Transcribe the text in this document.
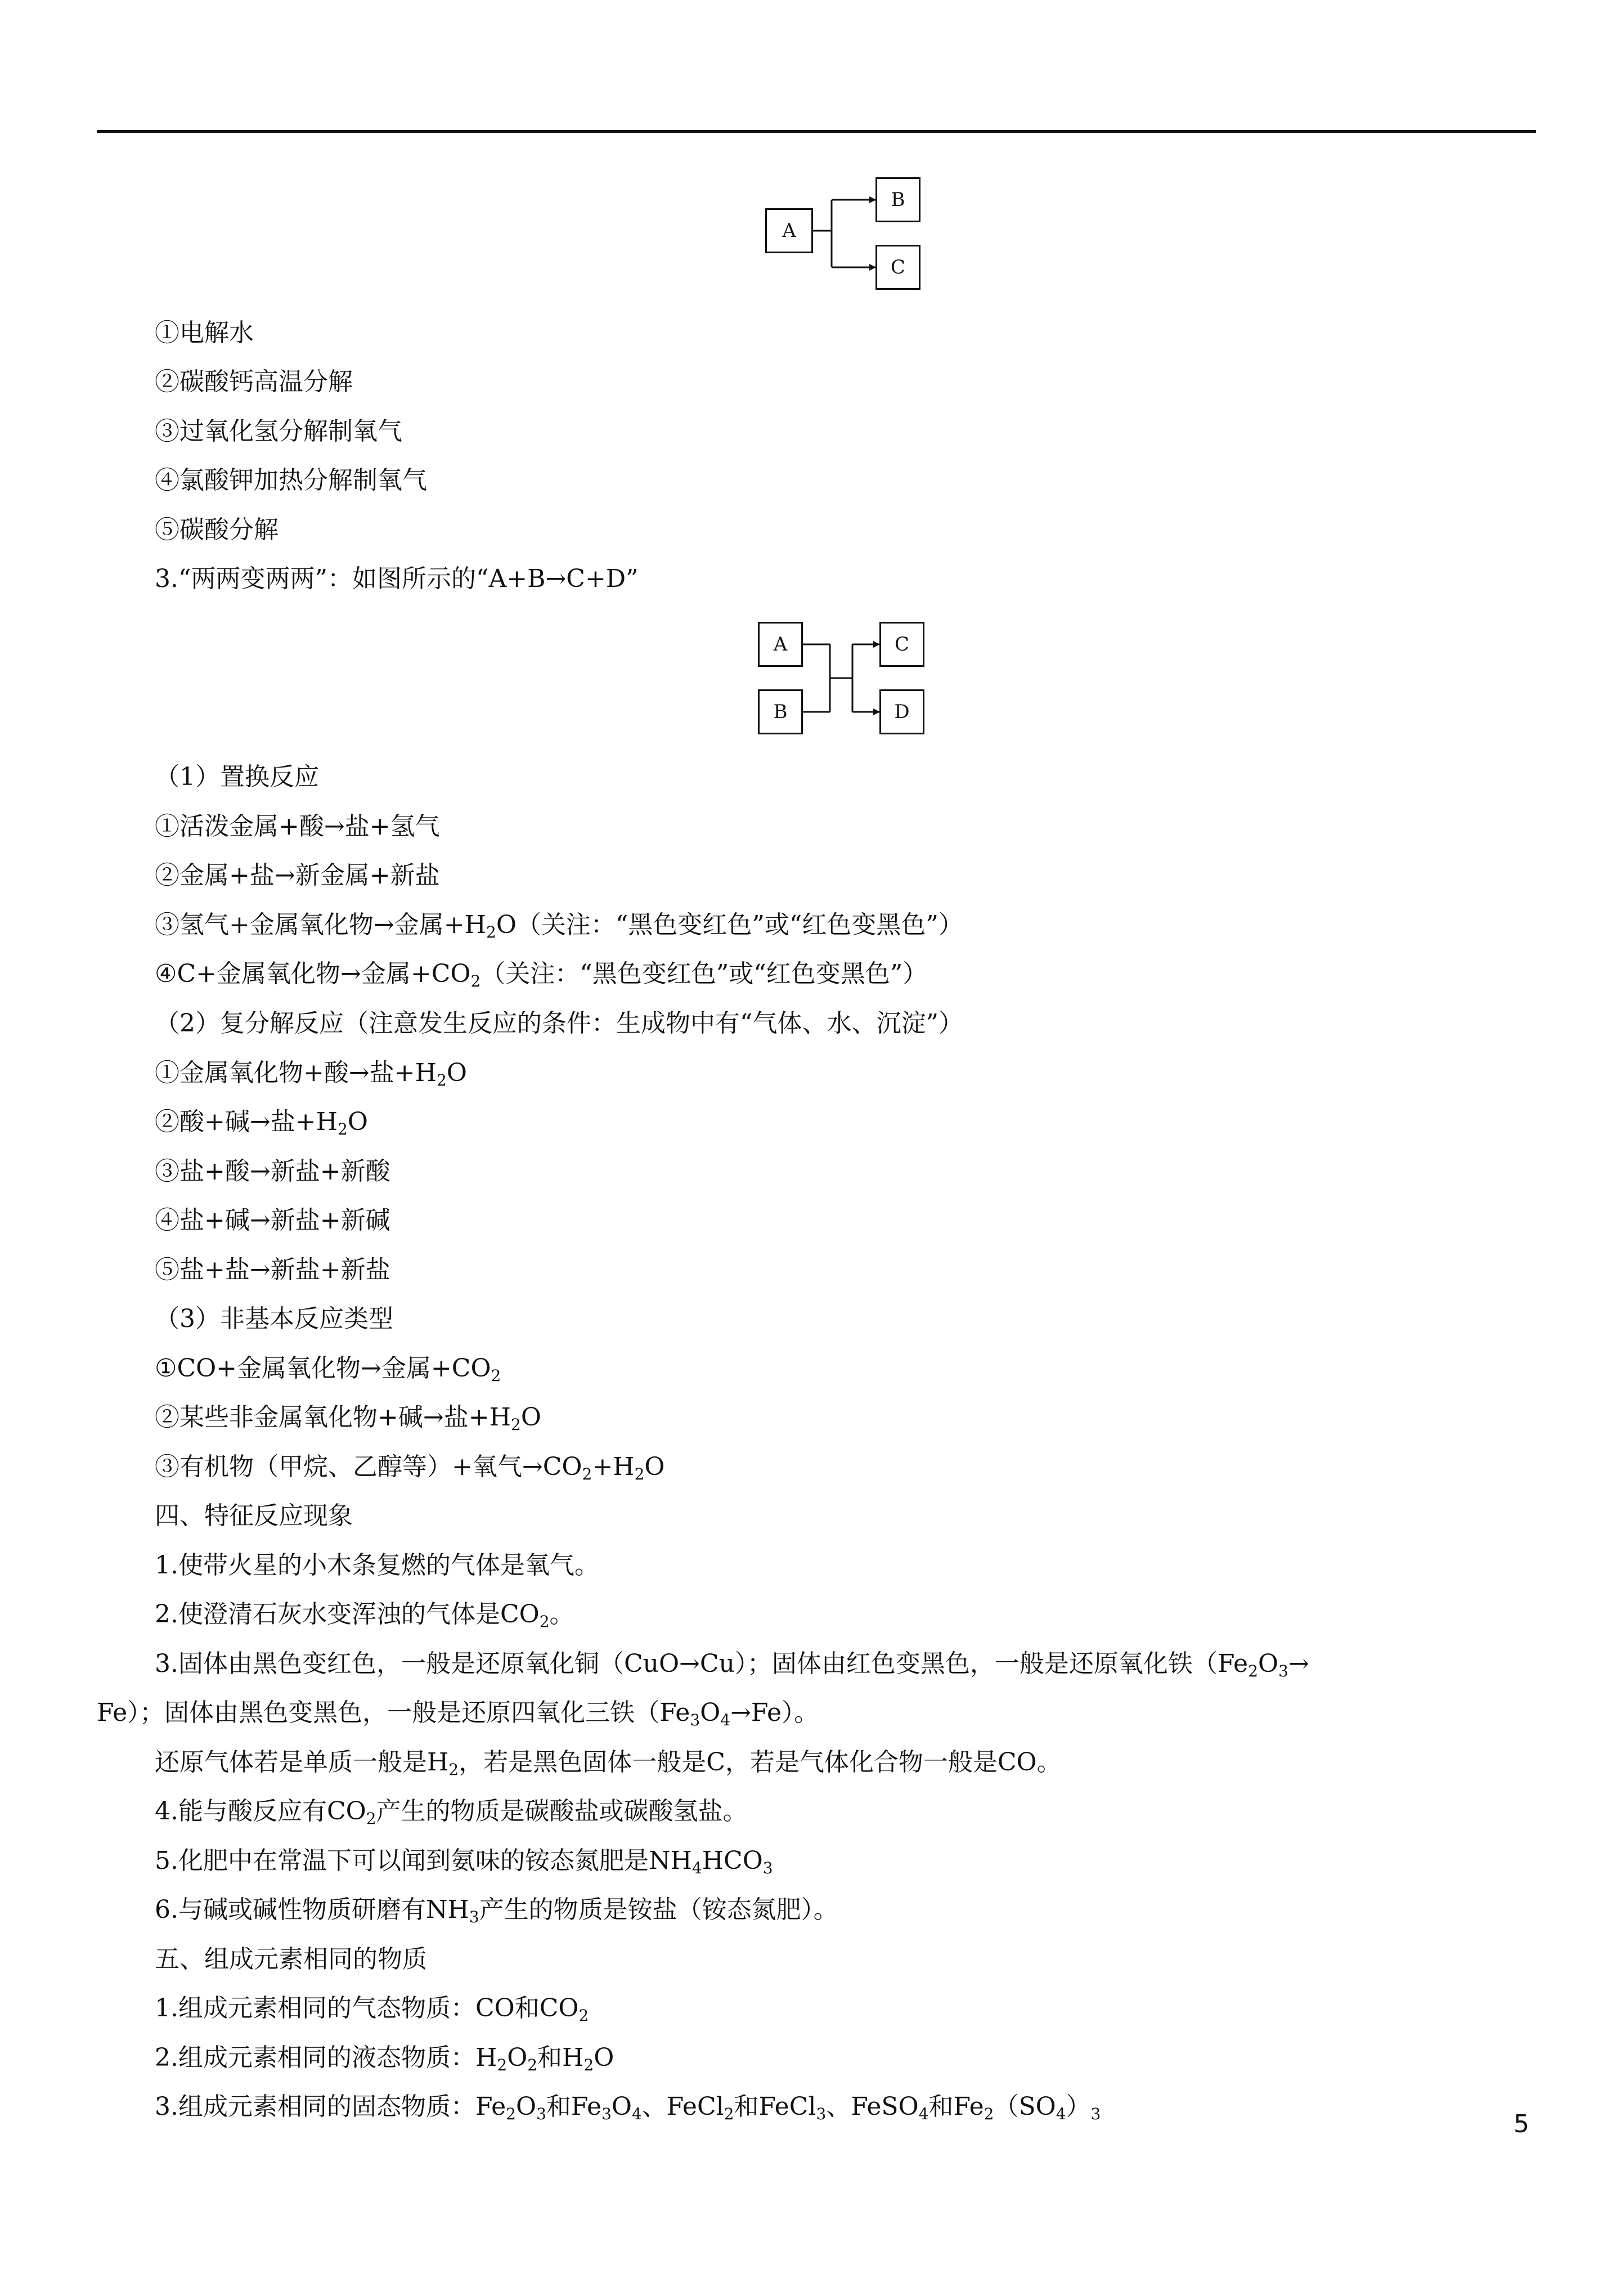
A
B
C
①电解水
②碳酸钙高温分解
③过氧化氢分解制氧气
④氯酸钾加热分解制氧气
⑤碳酸分解
3.“两两变两两”：如图所示的“A+B→C+D”
A
B
C
D
（1）置换反应
①活泼金属+酸→盐+氢气
②金属+盐→新金属+新盐
③氢气+金属氧化物→金属$+H_2O$（关注：“黑色变红色”或“红色变黑色”）
④C+金属氧化物→金属$+CO_2$（关注：“黑色变红色”或“红色变黑色”）
（2）复分解反应（注意发生反应的条件：生成物中有“气体、水、沉淀”）
①金属氧化物+酸→盐$+H_2O$
②酸+碱→盐$+H_2O$
③盐+酸→新盐+新酸
④盐+碱→新盐+新碱
⑤盐+盐→新盐+新盐
（3）非基本反应类型
①CO+金属氧化物→金属$+CO_2$
②某些非金属氧化物+碱→盐$+H_2O$
③有机物（甲烷、乙醇等）+氧气$\to CO_2+H_2O$
四、特征反应现象
1.使带火星的小木条复燃的气体是氧气。
2.使澄清石灰水变浑浊的气体是$CO_2$。
3.固体由黑色变红色，一般是还原氧化铜（CuO→Cu）；固体由红色变黑色，一般是还原氧化铁（$Fe_2O_3\to$
Fe）；固体由黑色变黑色，一般是还原四氧化三铁$(Fe_3O_4\to Fe)$。
还原气体若是单质一般是$H_2$，若是黑色固体一般是C，若是气体化合物一般是CO。
4.能与酸反应有$CO_2$产生的物质是碳酸盐或碳酸氢盐。
5.化肥中在常温下可以闻到氨味的铵态氮肥是$NH_4HCO_3$
6.与碱或碱性物质研磨有$NH_3$产生的物质是铵盐（铵态氮肥）。
五、组成元素相同的物质
1.组成元素相同的气态物质：CO和$CO_2$
2.组成元素相同的液态物质：$H_2O_2$和$H_2O$
3.组成元素相同的固态物质：$Fe_2O_3$和$Fe_3O_4$、FeCl$_2$和FeCl$_3$、FeSO$_4$和$Fe_2(SO_4)_3$	5
